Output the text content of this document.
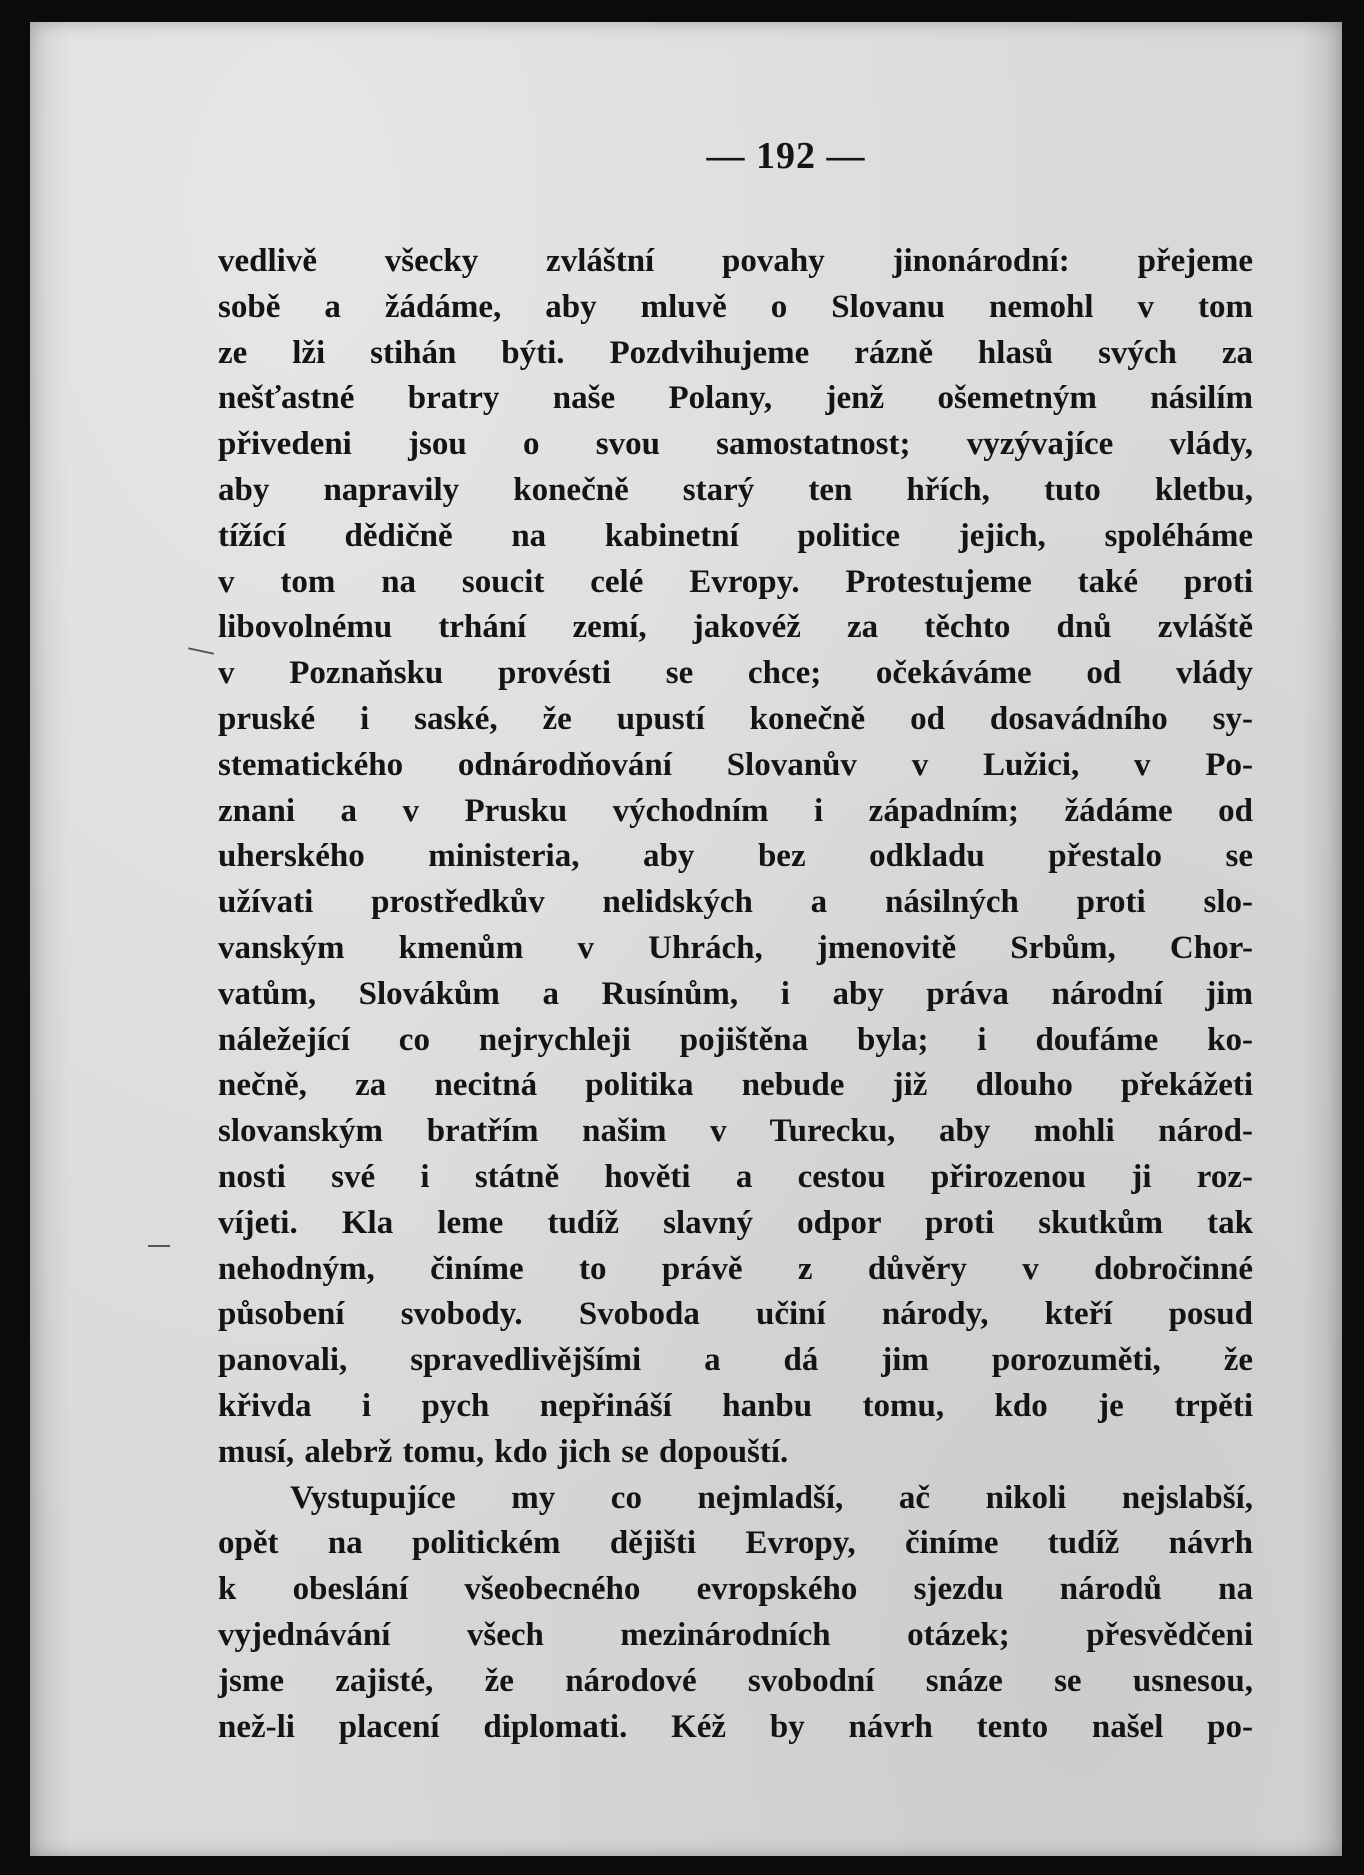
— 192 —
vedlivě všecky zvláštní povahy jinonárodní: přejeme
sobě a žádáme, aby mluvě o Slovanu nemohl v tom
ze lži stihán býti. Pozdvihujeme rázně hlasů svých za
nešťastné bratry naše Polany, jenž ošemetným násilím
přivedeni jsou o svou samostatnost; vyzývajíce vlády,
aby napravily konečně starý ten hřích, tuto kletbu,
tížící dědičně na kabinetní politice jejich, spoléháme
v tom na soucit celé Evropy. Protestujeme také proti
libovolnému trhání zemí, jakovéž za těchto dnů zvláště
v Poznaňsku provésti se chce; očekáváme od vlády
pruské i saské, že upustí konečně od dosavádního sy-
stematického odnárodňování Slovanův v Lužici, v Po-
znani a v Prusku východním i západním; žádáme od
uherského ministeria, aby bez odkladu přestalo se
užívati prostředkův nelidských a násilných proti slo-
vanským kmenům v Uhrách, jmenovitě Srbům, Chor-
vatům, Slovákům a Rusínům, i aby práva národní jim
náležející co nejrychleji pojištěna byla; i doufáme ko-
nečně, za necitná politika nebude již dlouho překážeti
slovanským bratřím našim v Turecku, aby mohli národ-
nosti své i státně hověti a cestou přirozenou ji roz-
víjeti. Kla leme tudíž slavný odpor proti skutkům tak
nehodným, činíme to právě z důvěry v dobročinné
působení svobody. Svoboda učiní národy, kteří posud
panovali, spravedlivějšími a dá jim porozuměti, že
křivda i pych nepřináší hanbu tomu, kdo je trpěti
musí, alebrž tomu, kdo jich se dopouští.
Vystupujíce my co nejmladší, ač nikoli nejslabší,
opět na politickém dějišti Evropy, činíme tudíž návrh
k obeslání všeobecného evropského sjezdu národů na
vyjednávání všech mezinárodních otázek; přesvědčeni
jsme zajisté, že národové svobodní snáze se usnesou,
než-li placení diplomati. Kéž by návrh tento našel po-
